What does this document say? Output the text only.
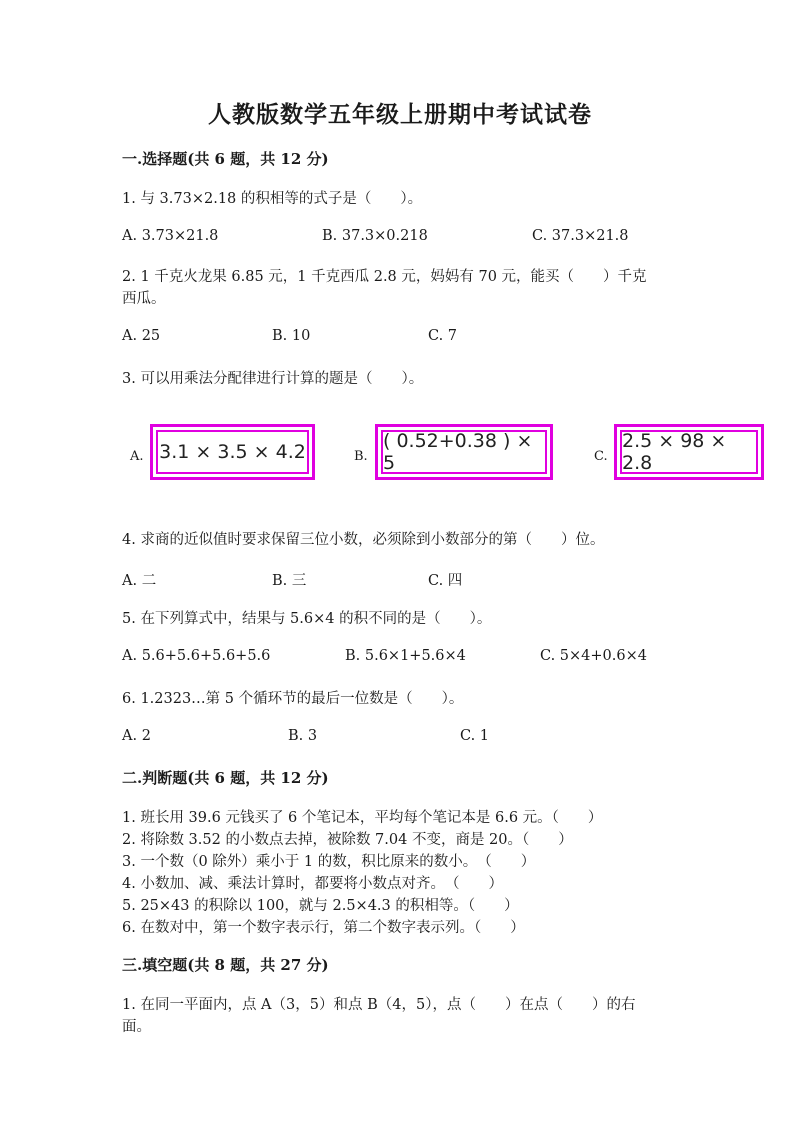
人教版数学五年级上册期中考试试卷
一.选择题(共 6 题，共 12 分)
1. 与 3.73×2.18 的积相等的式子是（　　）。
A. 3.73×21.8	B. 37.3×0.218	C. 37.3×21.8
2. 1 千克火龙果 6.85 元，1 千克西瓜 2.8 元，妈妈有 70 元，能买（　　）千克
西瓜。
A. 25	B. 10	C. 7
3. 可以用乘法分配律进行计算的题是（　　）。
A. 3.1 × 3.5 × 4.2	B.
( 0.52+0.38 ) × 5	C.
2.5 × 98 × 2.8
4. 求商的近似值时要求保留三位小数，必须除到小数部分的第（　　）位。
A. 二	B. 三	C. 四
5. 在下列算式中，结果与 5.6×4 的积不同的是（　　）。
A. 5.6+5.6+5.6+5.6	B. 5.6×1+5.6×4	C. 5×4+0.6×4
6. 1.2323…第 5 个循环节的最后一位数是（　　）。
A. 2	B. 3	C. 1
二.判断题(共 6 题，共 12 分)
1. 班长用 39.6 元钱买了 6 个笔记本，平均每个笔记本是 6.6 元。（　　）
2. 将除数 3.52 的小数点去掉，被除数 7.04 不变，商是 20。（　　）
3. 一个数（0 除外）乘小于 1 的数，积比原来的数小。　（　　）
4. 小数加、减、乘法计算时，都要将小数点对齐。　（　　）
5. 25×43 的积除以 100，就与 2.5×4.3 的积相等。（　　）
6. 在数对中，第一个数字表示行，第二个数字表示列。（　　）
三.填空题(共 8 题，共 27 分)
1. 在同一平面内，点 A（3，5）和点 B（4，5），点（　　）在点（　　）的右
面。
